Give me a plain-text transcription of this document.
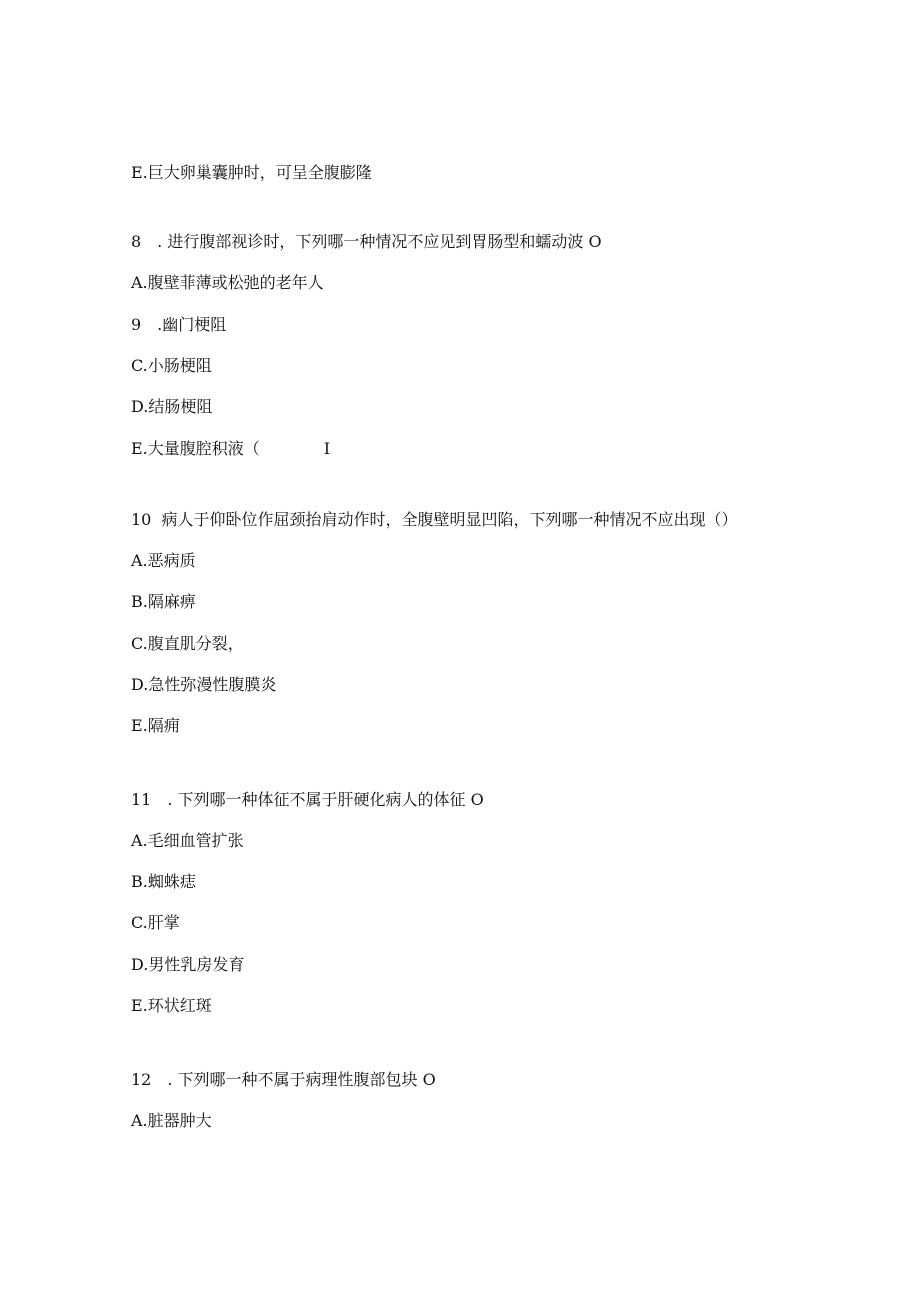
E.巨大卵巢囊肿时，可呈全腹膨隆
8　. 进行腹部视诊时，下列哪一种情况不应见到胃肠型和蠕动波 O
A.腹壁菲薄或松弛的老年人
9　.幽门梗阻
C.小肠梗阻
D.结肠梗阻
E.大量腹腔积液（	I
10  病人于仰卧位作屈颈抬肩动作时，全腹壁明显凹陷，下列哪一种情况不应出现（）
A.恶病质
B.隔麻痹
C.腹直肌分裂，
D.急性弥漫性腹膜炎
E.隔痈
11　. 下列哪一种体征不属于肝硬化病人的体征 O
A.毛细血管扩张
B.蜘蛛痣
C.肝掌
D.男性乳房发育
E.环状红斑
12　. 下列哪一种不属于病理性腹部包块 O
A.脏器肿大
